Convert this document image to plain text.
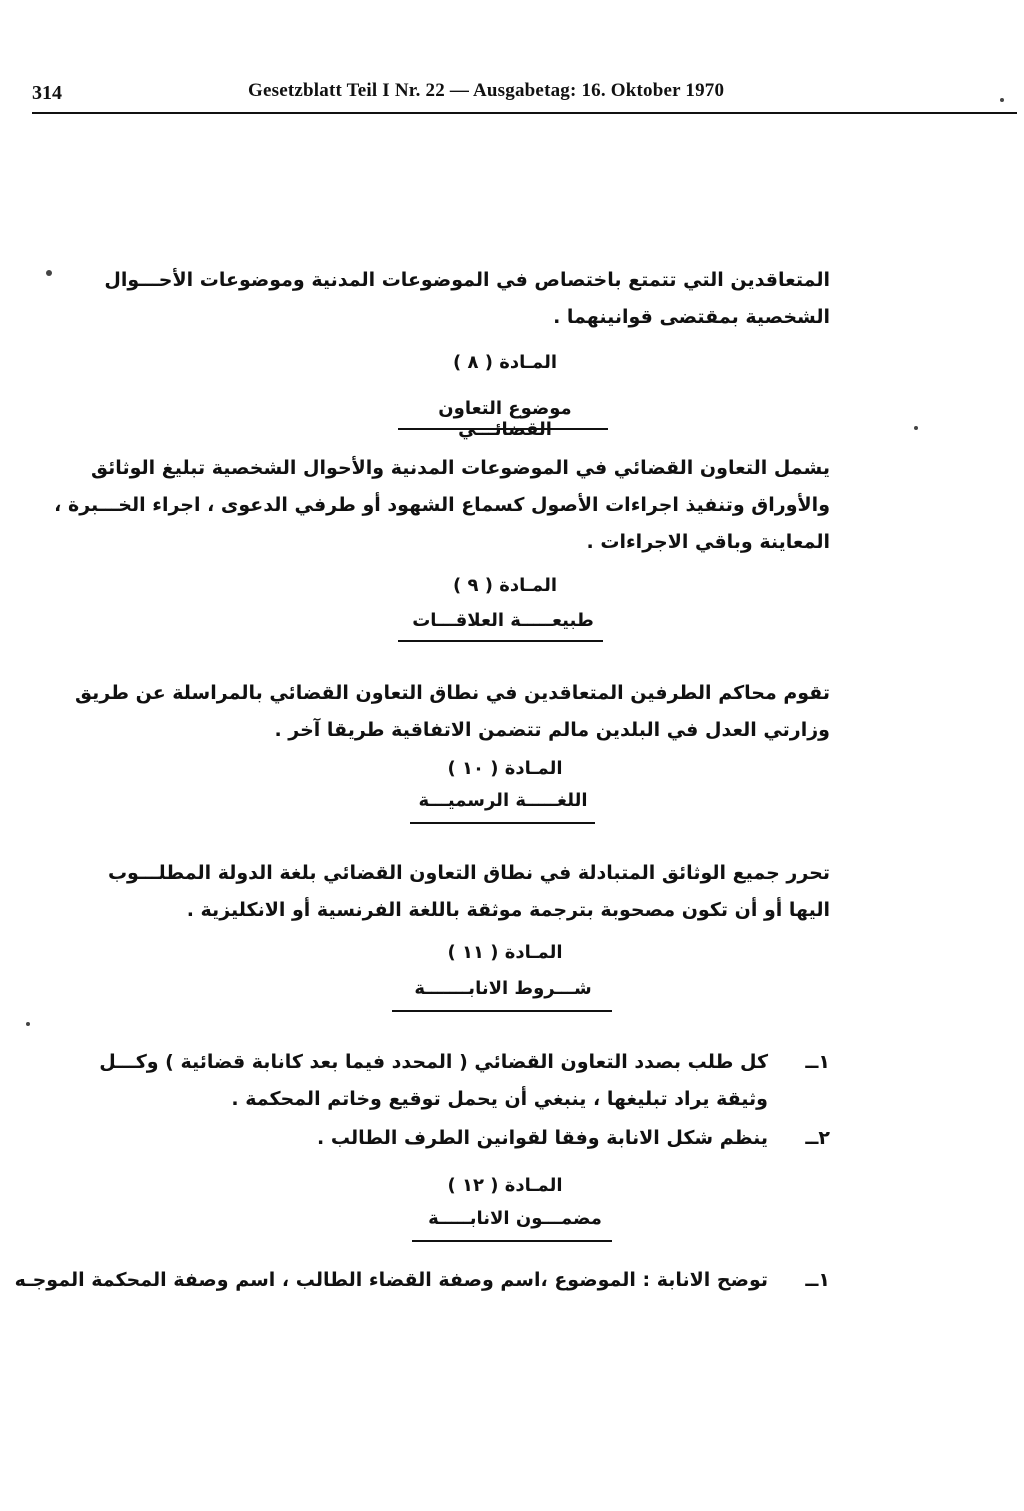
314	Gesetzblatt Teil I Nr. 22 — Ausgabetag: 16. Oktober 1970
المتعاقدين التي تتمتع باختصاص في الموضوعات المدنية وموضوعات الأحـــوال
الشخصية بمقتضى قوانينهما .
المـادة ( ٨ )
موضوع التعاون القضائـــي
يشمل التعاون القضائي في الموضوعات المدنية والأحوال الشخصية تبليغ الوثائق
والأوراق وتنفيذ اجراءات الأصول كسماع الشهود أو طرفي الدعوى ، اجراء الخـــبرة ،
المعاينة وباقي الاجراءات .
المـادة ( ٩ )
طبيعـــــة العلاقـــات
تقوم محاكم الطرفين المتعاقدين في نطاق التعاون القضائي بالمراسلة عن طريق
وزارتي العدل في البلدين مالم تتضمن الاتفاقية طريقا آخر .
المـادة ( ١٠ )
اللغـــــة الرسميـــة
تحرر جميع الوثائق المتبادلة في نطاق التعاون القضائي بلغة الدولة المطلـــوب
اليها أو أن تكون مصحوبة بترجمة موثقة باللغة الفرنسية أو الانكليزية .
المـادة ( ١١ )
شـــروط الانابـــــــة
١ــ
كل طلب بصدد التعاون القضائي ( المحدد فيما بعد كانابة قضائية ) وكـــل
وثيقة يراد تبليغها ، ينبغي أن يحمل توقيع وخاتم المحكمة .
٢ــ
ينظم شكل الانابة وفقا لقوانين الطرف الطالب .
المـادة ( ١٢ )
مضمـــون الانابـــــة
١ــ
توضح الانابة : الموضوع ،اسم وصفة القضاء الطالب ، اسم وصفة المحكمة الموجـه
